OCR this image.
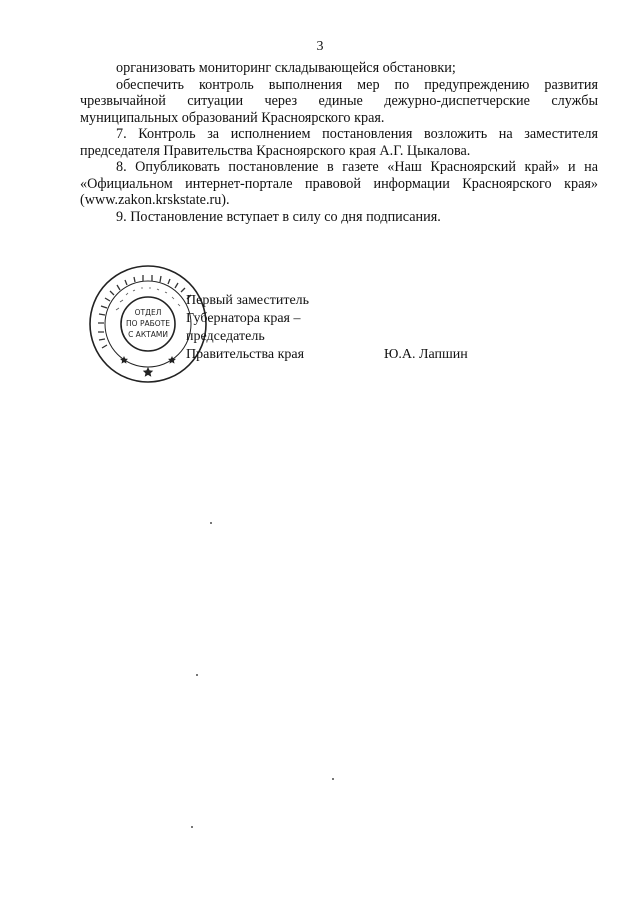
3

организовать мониторинг складывающейся обстановки;

обеспечить контроль выполнения мер по предупреждению развития чрезвычайной ситуации через единые дежурно-диспетчерские службы муниципальных образований Красноярского края.

7. Контроль за исполнением постановления возложить на заместителя председателя Правительства Красноярского края А.Г. Цыкалова.

8. Опубликовать постановление в газете «Наш Красноярский край» и на «Официальном интернет-портале правовой информации Красноярского края» (www.zakon.krskstate.ru).

9. Постановление вступает в силу со дня подписания.

ОТДЕЛ
ПО РАБОТЕ
С АКТАМИ
Первый заместитель
Губернатора края –
председатель
Правительства края	Ю.А. Лапшин
